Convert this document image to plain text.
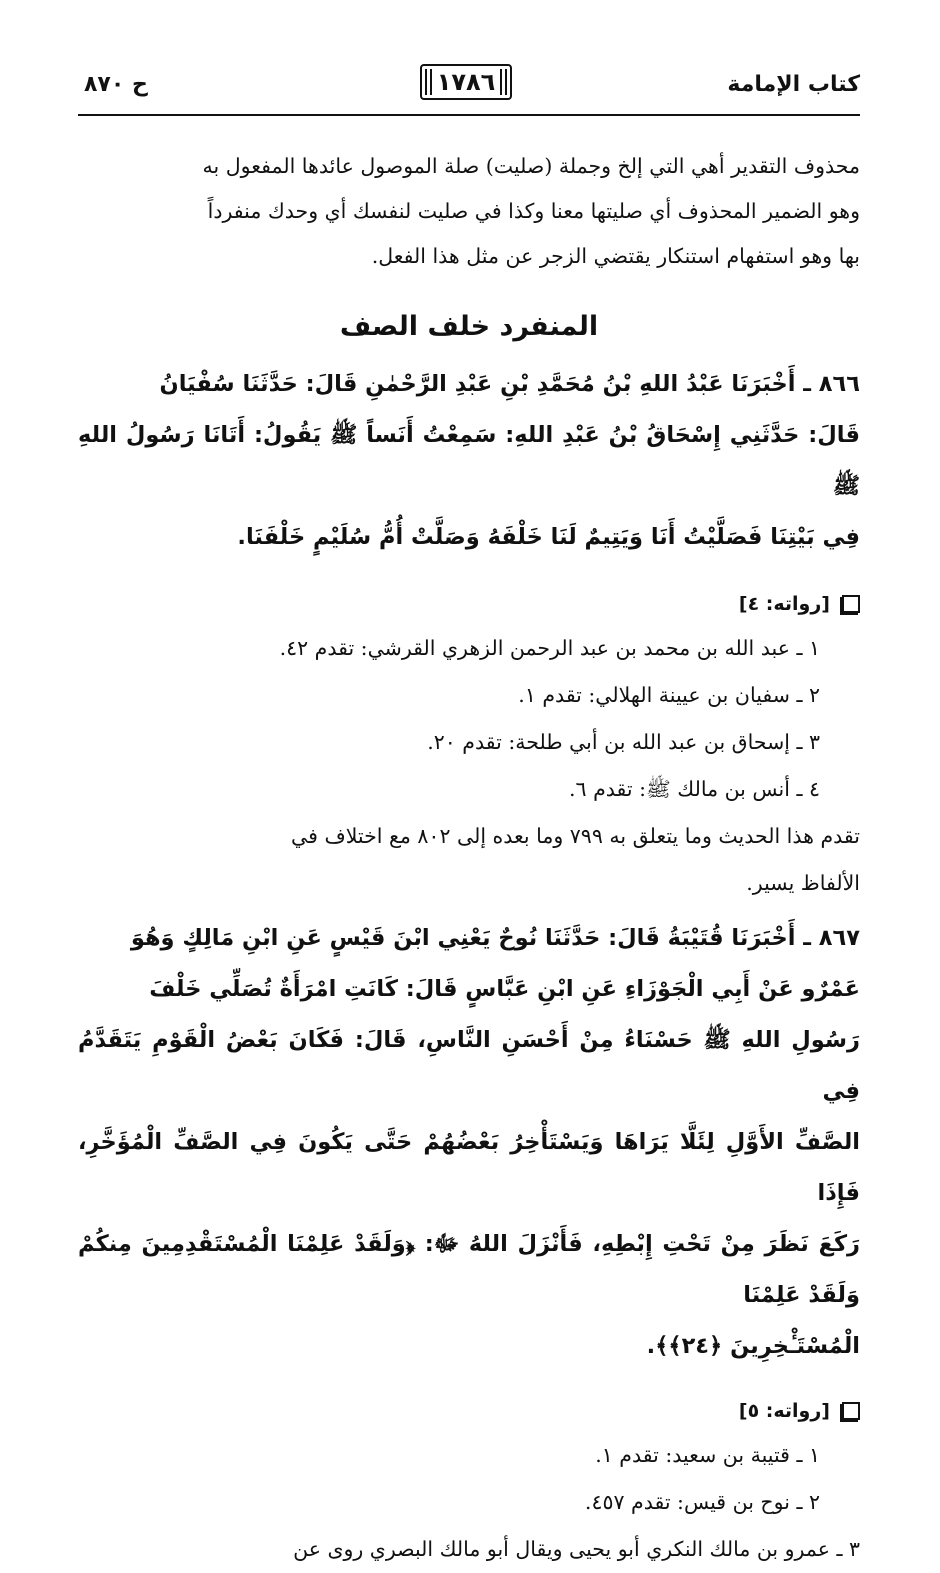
كتاب الإمامة
١٧٨٦
ح ٨٧٠

محذوف التقدير أهي التي إلخ وجملة (صليت) صلة الموصول عائدها المفعول به

وهو الضمير المحذوف أي صليتها معنا وكذا في صليت لنفسك أي وحدك منفرداً

بها وهو استفهام استنكار يقتضي الزجر عن مثل هذا الفعل.

المنفرد خلف الصف

٨٦٦ ـ أَخْبَرَنَا عَبْدُ اللهِ بْنُ مُحَمَّدِ بْنِ عَبْدِ الرَّحْمٰنِ قَالَ: حَدَّثَنَا سُفْيَانُ

قَالَ: حَدَّثَنِي إِسْحَاقُ بْنُ عَبْدِ اللهِ: سَمِعْتُ أَنَساً ﷺ يَقُولُ: أَتَانَا رَسُولُ اللهِ ﷺ

فِي بَيْتِنَا فَصَلَّيْتُ أَنَا وَيَتِيمٌ لَنَا خَلْفَهُ وَصَلَّتْ أُمُّ سُلَيْمٍ خَلْفَنَا.

[رواته: ٤]
١ ـ عبد الله بن محمد بن عبد الرحمن الزهري القرشي: تقدم ٤٢.
٢ ـ سفيان بن عيينة الهلالي: تقدم ١.
٣ ـ إسحاق بن عبد الله بن أبي طلحة: تقدم ٢٠.
٤ ـ أنس بن مالك ﷺ: تقدم ٦.

تقدم هذا الحديث وما يتعلق به ٧٩٩ وما بعده إلى ٨٠٢ مع اختلاف في

الألفاظ يسير.

٨٦٧ ـ أَخْبَرَنَا قُتَيْبَةُ قَالَ: حَدَّثَنَا نُوحٌ يَعْنِي ابْنَ قَيْسٍ عَنِ ابْنِ مَالِكٍ وَهُوَ

عَمْرٌو عَنْ أَبِي الْجَوْزَاءِ عَنِ ابْنِ عَبَّاسٍ قَالَ: كَانَتِ امْرَأَةٌ تُصَلِّي خَلْفَ

رَسُولِ اللهِ ﷺ حَسْنَاءُ مِنْ أَحْسَنِ النَّاسِ، قَالَ: فَكَانَ بَعْضُ الْقَوْمِ يَتَقَدَّمُ فِي

الصَّفِّ الأَوَّلِ لِئَلَّا يَرَاهَا وَيَسْتَأْخِرُ بَعْضُهُمْ حَتَّى يَكُونَ فِي الصَّفِّ الْمُؤَخَّرِ، فَإِذَا

رَكَعَ نَظَرَ مِنْ تَحْتِ إِبْطِهِ، فَأَنْزَلَ اللهُ ﷻ: ﴿وَلَقَدْ عَلِمْنَا الْمُسْتَقْدِمِينَ مِنكُمْ وَلَقَدْ عَلِمْنَا

الْمُسْتَـْٔخِرِينَ ﴿٢٤﴾﴾.

[رواته: ٥]
١ ـ قتيبة بن سعيد: تقدم ١.
٢ ـ نوح بن قيس: تقدم ٤٥٧.
٣ ـ عمرو بن مالك النكري أبو يحيى ويقال أبو مالك البصري روى عن
